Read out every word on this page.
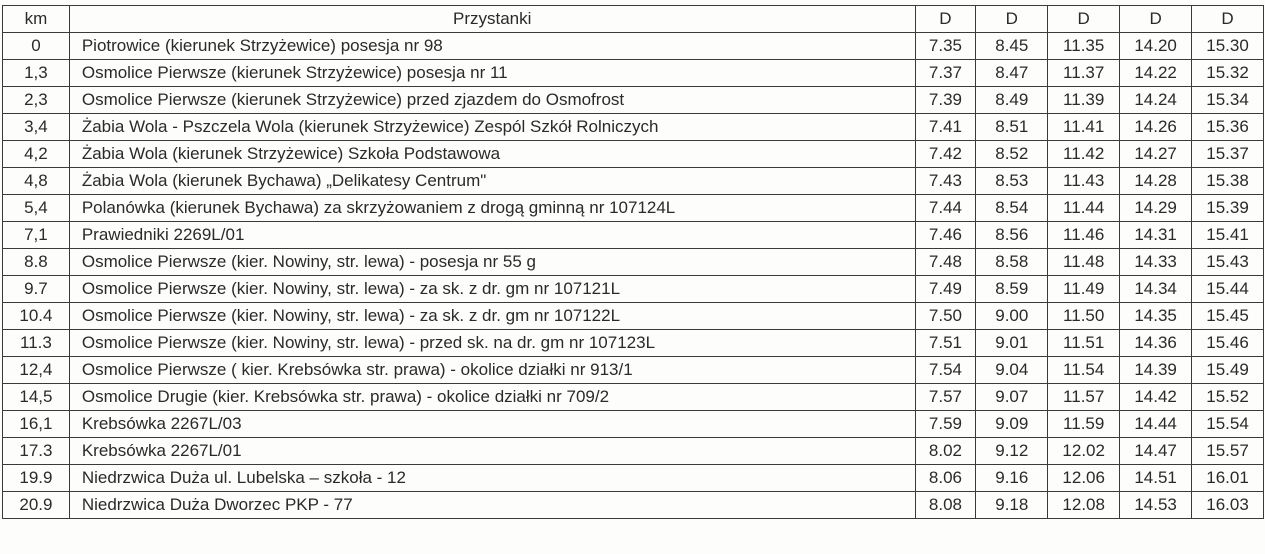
km	Przystanki	D	D	D	D	D
0	Piotrowice (kierunek Strzyżewice) posesja nr 98	7.35	8.45	11.35	14.20	15.30
1,3	Osmolice Pierwsze (kierunek Strzyżewice) posesja nr 11	7.37	8.47	11.37	14.22	15.32
2,3	Osmolice Pierwsze (kierunek Strzyżewice) przed zjazdem do Osmofrost	7.39	8.49	11.39	14.24	15.34
3,4	Żabia Wola - Pszczela Wola (kierunek Strzyżewice) Zespól Szkół Rolniczych	7.41	8.51	11.41	14.26	15.36
4,2	Żabia Wola (kierunek Strzyżewice) Szkoła Podstawowa	7.42	8.52	11.42	14.27	15.37
4,8	Żabia Wola (kierunek Bychawa) „Delikatesy Centrum"	7.43	8.53	11.43	14.28	15.38
5,4	Polanówka (kierunek Bychawa) za skrzyżowaniem z drogą gminną nr 107124L	7.44	8.54	11.44	14.29	15.39
7,1	Prawiedniki 2269L/01	7.46	8.56	11.46	14.31	15.41
8.8	Osmolice Pierwsze (kier. Nowiny, str. lewa) - posesja nr 55 g	7.48	8.58	11.48	14.33	15.43
9.7	Osmolice Pierwsze (kier. Nowiny, str. lewa) - za sk. z dr. gm nr 107121L	7.49	8.59	11.49	14.34	15.44
10.4	Osmolice Pierwsze (kier. Nowiny, str. lewa) - za sk. z dr. gm nr 107122L	7.50	9.00	11.50	14.35	15.45
11.3	Osmolice Pierwsze (kier. Nowiny, str. lewa) - przed sk. na dr. gm nr 107123L	7.51	9.01	11.51	14.36	15.46
12,4	Osmolice Pierwsze ( kier. Krebsówka str. prawa) - okolice działki nr 913/1	7.54	9.04	11.54	14.39	15.49
14,5	Osmolice Drugie (kier. Krebsówka str. prawa) - okolice działki nr 709/2	7.57	9.07	11.57	14.42	15.52
16,1	Krebsówka 2267L/03	7.59	9.09	11.59	14.44	15.54
17.3	Krebsówka 2267L/01	8.02	9.12	12.02	14.47	15.57
19.9	Niedrzwica Duża ul. Lubelska – szkoła - 12	8.06	9.16	12.06	14.51	16.01
20.9	Niedrzwica Duża Dworzec PKP - 77	8.08	9.18	12.08	14.53	16.03
